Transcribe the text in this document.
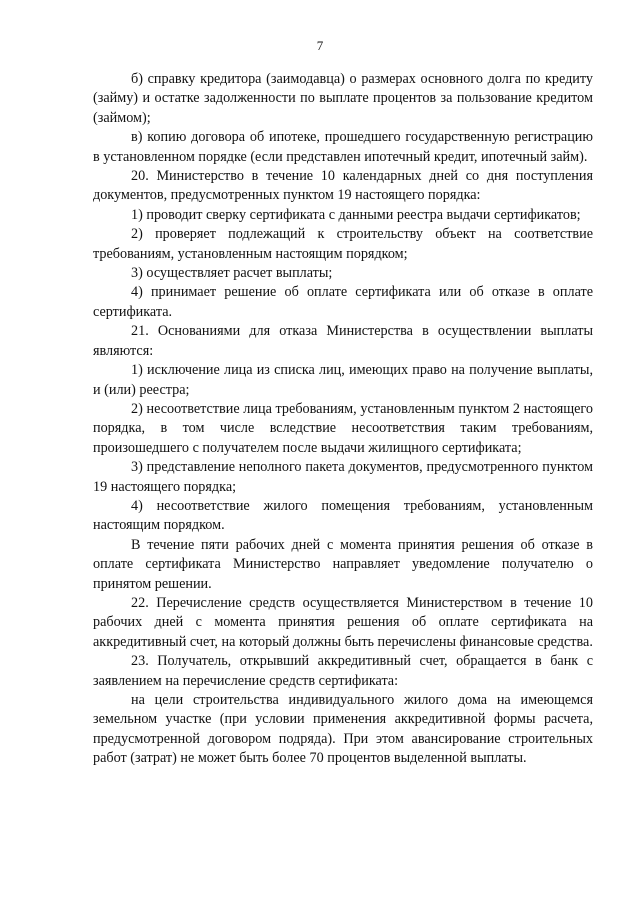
7

б) справку кредитора (заимодавца) о размерах основного долга по кредиту (займу) и остатке задолженности по выплате процентов за пользование кредитом (займом);

в) копию договора об ипотеке, прошедшего государственную регистрацию в установленном порядке (если представлен ипотечный кредит, ипотечный займ).

20. Министерство в течение 10 календарных дней со дня поступления документов, предусмотренных пунктом 19 настоящего порядка:

1) проводит сверку сертификата с данными реестра выдачи сертификатов;

2) проверяет подлежащий к строительству объект на соответствие требованиям, установленным настоящим порядком;

3) осуществляет расчет выплаты;

4) принимает решение об оплате сертификата или об отказе в оплате сертификата.

21. Основаниями для отказа Министерства в осуществлении выплаты являются:

1) исключение лица из списка лиц, имеющих право на получение выплаты, и (или) реестра;

2) несоответствие лица требованиям, установленным пунктом 2 настоящего порядка, в том числе вследствие несоответствия таким требованиям, произошедшего с получателем после выдачи жилищного сертификата;

3) представление неполного пакета документов, предусмотренного пунктом 19 настоящего порядка;

4) несоответствие жилого помещения требованиям, установленным настоящим порядком.

В течение пяти рабочих дней с момента принятия решения об отказе в оплате сертификата Министерство направляет уведомление получателю о принятом решении.

22. Перечисление средств осуществляется Министерством в течение 10 рабочих дней с момента принятия решения об оплате сертификата на аккредитивный счет, на который должны быть перечислены финансовые средства.

23. Получатель, открывший аккредитивный счет, обращается в банк с заявлением на перечисление средств сертификата:

на цели строительства индивидуального жилого дома на имеющемся земельном участке (при условии применения аккредитивной формы расчета, предусмотренной договором подряда). При этом авансирование строительных работ (затрат) не может быть более 70 процентов выделенной выплаты.
